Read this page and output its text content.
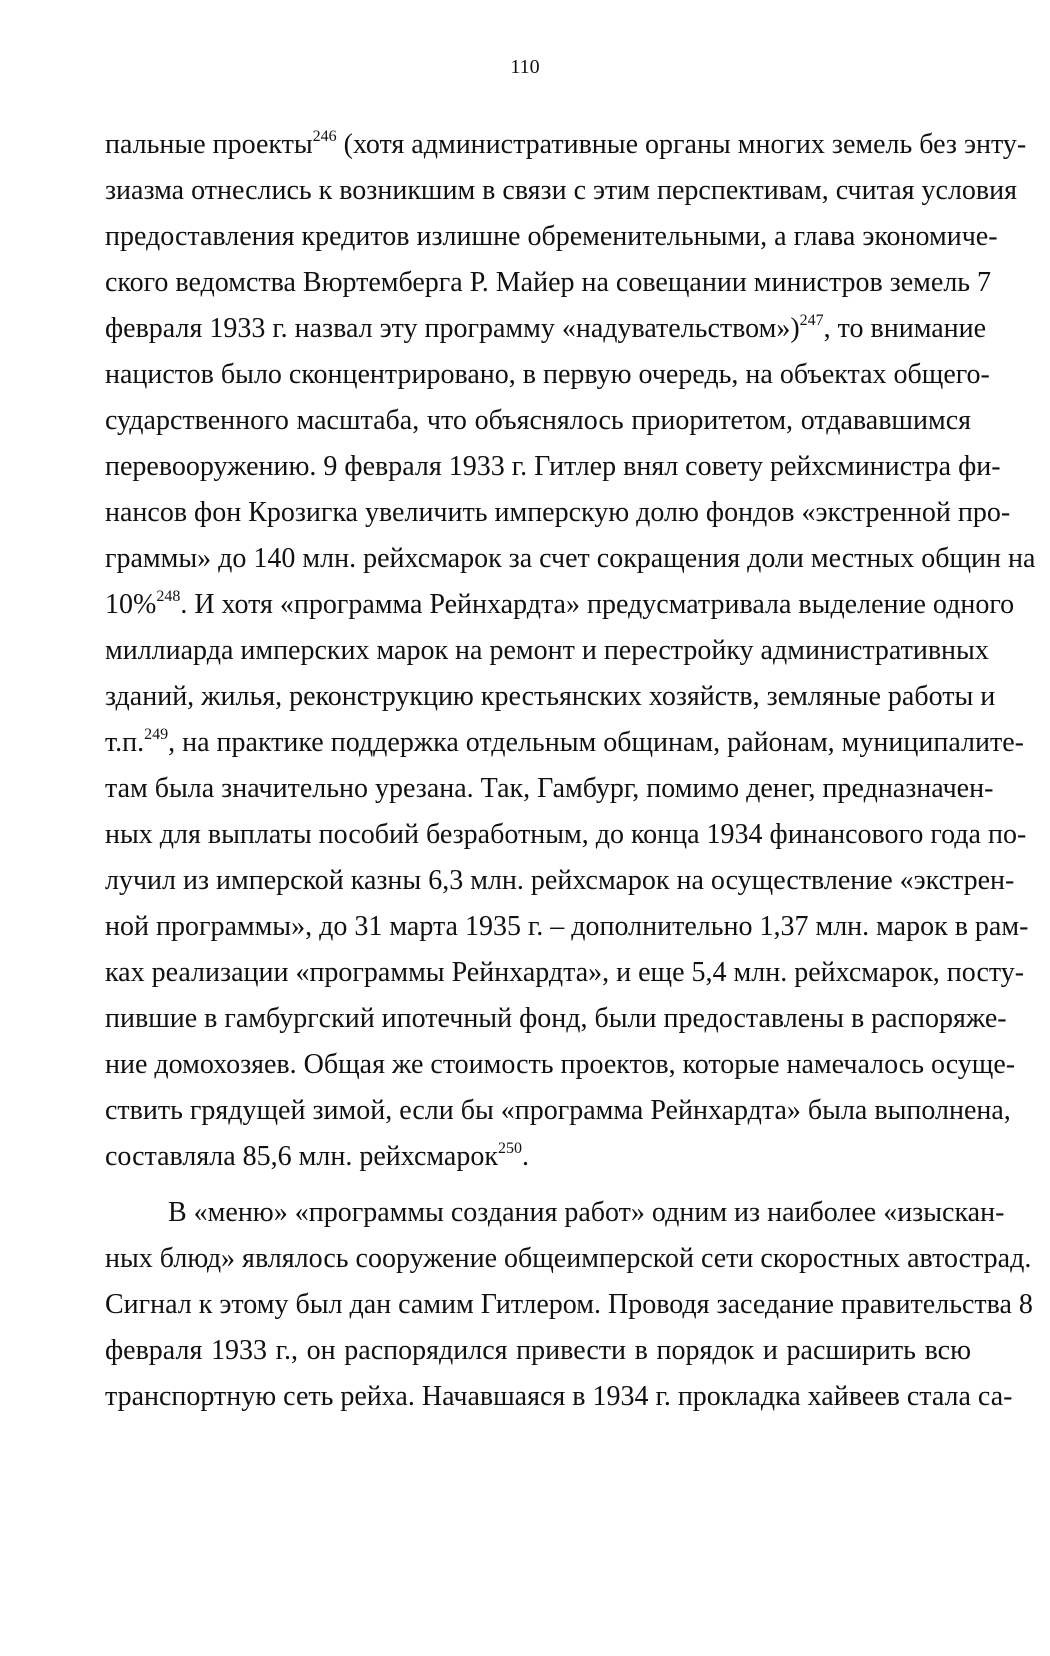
110
пальные проекты$^{246}$ (хотя административные органы многих земель без энту-
зиазма отнеслись к возникшим в связи с этим перспективам, считая условия
предоставления кредитов излишне обременительными, а глава экономиче-
ского ведомства Вюртемберга Р. Майер на совещании министров земель 7
февраля 1933 г. назвал эту программу «надувательством»)$^{247}$, то внимание
нацистов было сконцентрировано, в первую очередь, на объектах общего-
сударственного масштаба, что объяснялось приоритетом, отдававшимся
перевооружению. 9 февраля 1933 г. Гитлер внял совету рейхсминистра фи-
нансов фон Крозигка увеличить имперскую долю фондов «экстренной про-
граммы» до 140 млн. рейхсмарок за счет сокращения доли местных общин на
10%$^{248}$. И хотя «программа Рейнхардта» предусматривала выделение одного
миллиарда имперских марок на ремонт и перестройку административных
зданий, жилья, реконструкцию крестьянских хозяйств, земляные работы и
т.п.$^{249}$, на практике поддержка отдельным общинам, районам, муниципалите-
там была значительно урезана. Так, Гамбург, помимо денег, предназначен-
ных для выплаты пособий безработным, до конца 1934 финансового года по-
лучил из имперской казны 6,3 млн. рейхсмарок на осуществление «экстрен-
ной программы», до 31 марта 1935 г. – дополнительно 1,37 млн. марок в рам-
ках реализации «программы Рейнхардта», и еще 5,4 млн. рейхсмарок, посту-
пившие в гамбургский ипотечный фонд, были предоставлены в распоряже-
ние домохозяев. Общая же стоимость проектов, которые намечалось осуще-
ствить грядущей зимой, если бы «программа Рейнхардта» была выполнена,
составляла 85,6 млн. рейхсмарок$^{250}$.
В «меню» «программы создания работ» одним из наиболее «изыскан-
ных блюд» являлось сооружение общеимперской сети скоростных автострад.
Сигнал к этому был дан самим Гитлером. Проводя заседание правительства 8
февраля 1933 г., он распорядился привести в порядок и расширить всю
транспортную сеть рейха. Начавшаяся в 1934 г. прокладка хайвеев стала са-
